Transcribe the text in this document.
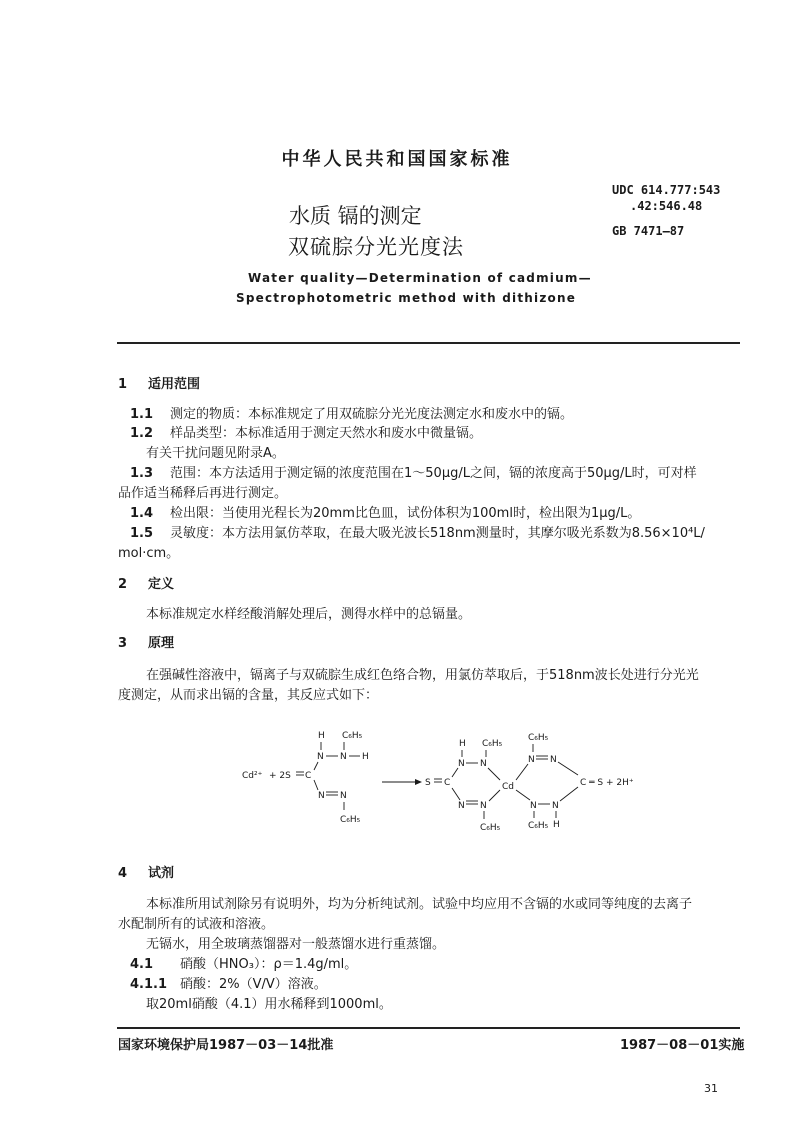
中华人民共和国国家标准
UDC 614.777:543
.42:546.48
GB 7471—87
水质 镉的测定
双硫腙分光光度法
Water quality—Determination of cadmium—
Spectrophotometric method with dithizone
1 适用范围
1.1 测定的物质：本标准规定了用双硫腙分光光度法测定水和废水中的镉。
1.2 样品类型：本标准适用于测定天然水和废水中微量镉。
有关干扰问题见附录A。
1.3 范围：本方法适用于测定镉的浓度范围在1～50μg/L之间，镉的浓度高于50μg/L时，可对样
品作适当稀释后再进行测定。
1.4 检出限：当使用光程长为20mm比色皿，试份体积为100ml时，检出限为1μg/L。
1.5 灵敏度：本方法用氯仿萃取，在最大吸光波长518nm测量时，其摩尔吸光系数为8.56×10⁴L/
mol·cm。
2 定义
本标准规定水样经酸消解处理后，测得水样中的总镉量。
3 原理
在强碱性溶液中，镉离子与双硫腙生成红色络合物，用氯仿萃取后，于518nm波长处进行分光光
度测定，从而求出镉的含量，其反应式如下：
Cd²⁺ + 2S C
H
N N
C₆H₅
H
N N
C₆H₅
S C
H
N N
C₆H₅
N N
C₆H₅
Cd
C₆H₅
N N
N N
C₆H₅ H
C ═ S + 2H⁺
4 试剂
本标准所用试剂除另有说明外，均为分析纯试剂。试验中均应用不含镉的水或同等纯度的去离子
水配制所有的试液和溶液。
无镉水，用全玻璃蒸馏器对一般蒸馏水进行重蒸馏。
4.1 硝酸（HNO₃）：ρ＝1.4g/ml。
4.1.1 硝酸：2%（V/V）溶液。
取20ml硝酸（4.1）用水稀释到1000ml。
国家环境保护局1987－03－14批准	1987－08－01实施
31
